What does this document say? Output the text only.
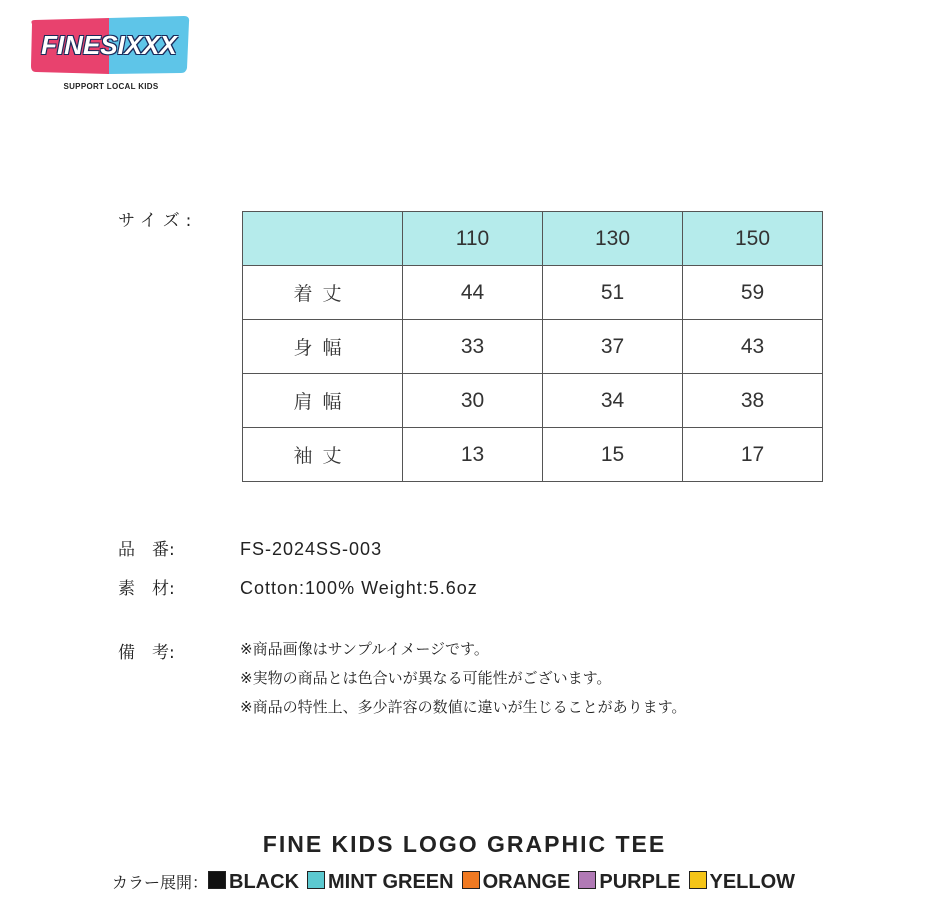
FINESIXXX
SUPPORT LOCAL KIDS
サイズ:
	110	130	150
着丈	44	51	59
身幅	33	37	43
肩幅	30	34	38
袖丈	13	15	17
品　番:	FS-2024SS-003
素　材:	Cotton:100% Weight:5.6oz
備　考:	※商品画像はサンプルイメージです。
※実物の商品とは色合いが異なる可能性がございます。
※商品の特性上、多少許容の数値に違いが生じることがあります。
FINE KIDS LOGO GRAPHIC TEE
カラー展開： BLACK MINT GREEN ORANGE PURPLE YELLOW
